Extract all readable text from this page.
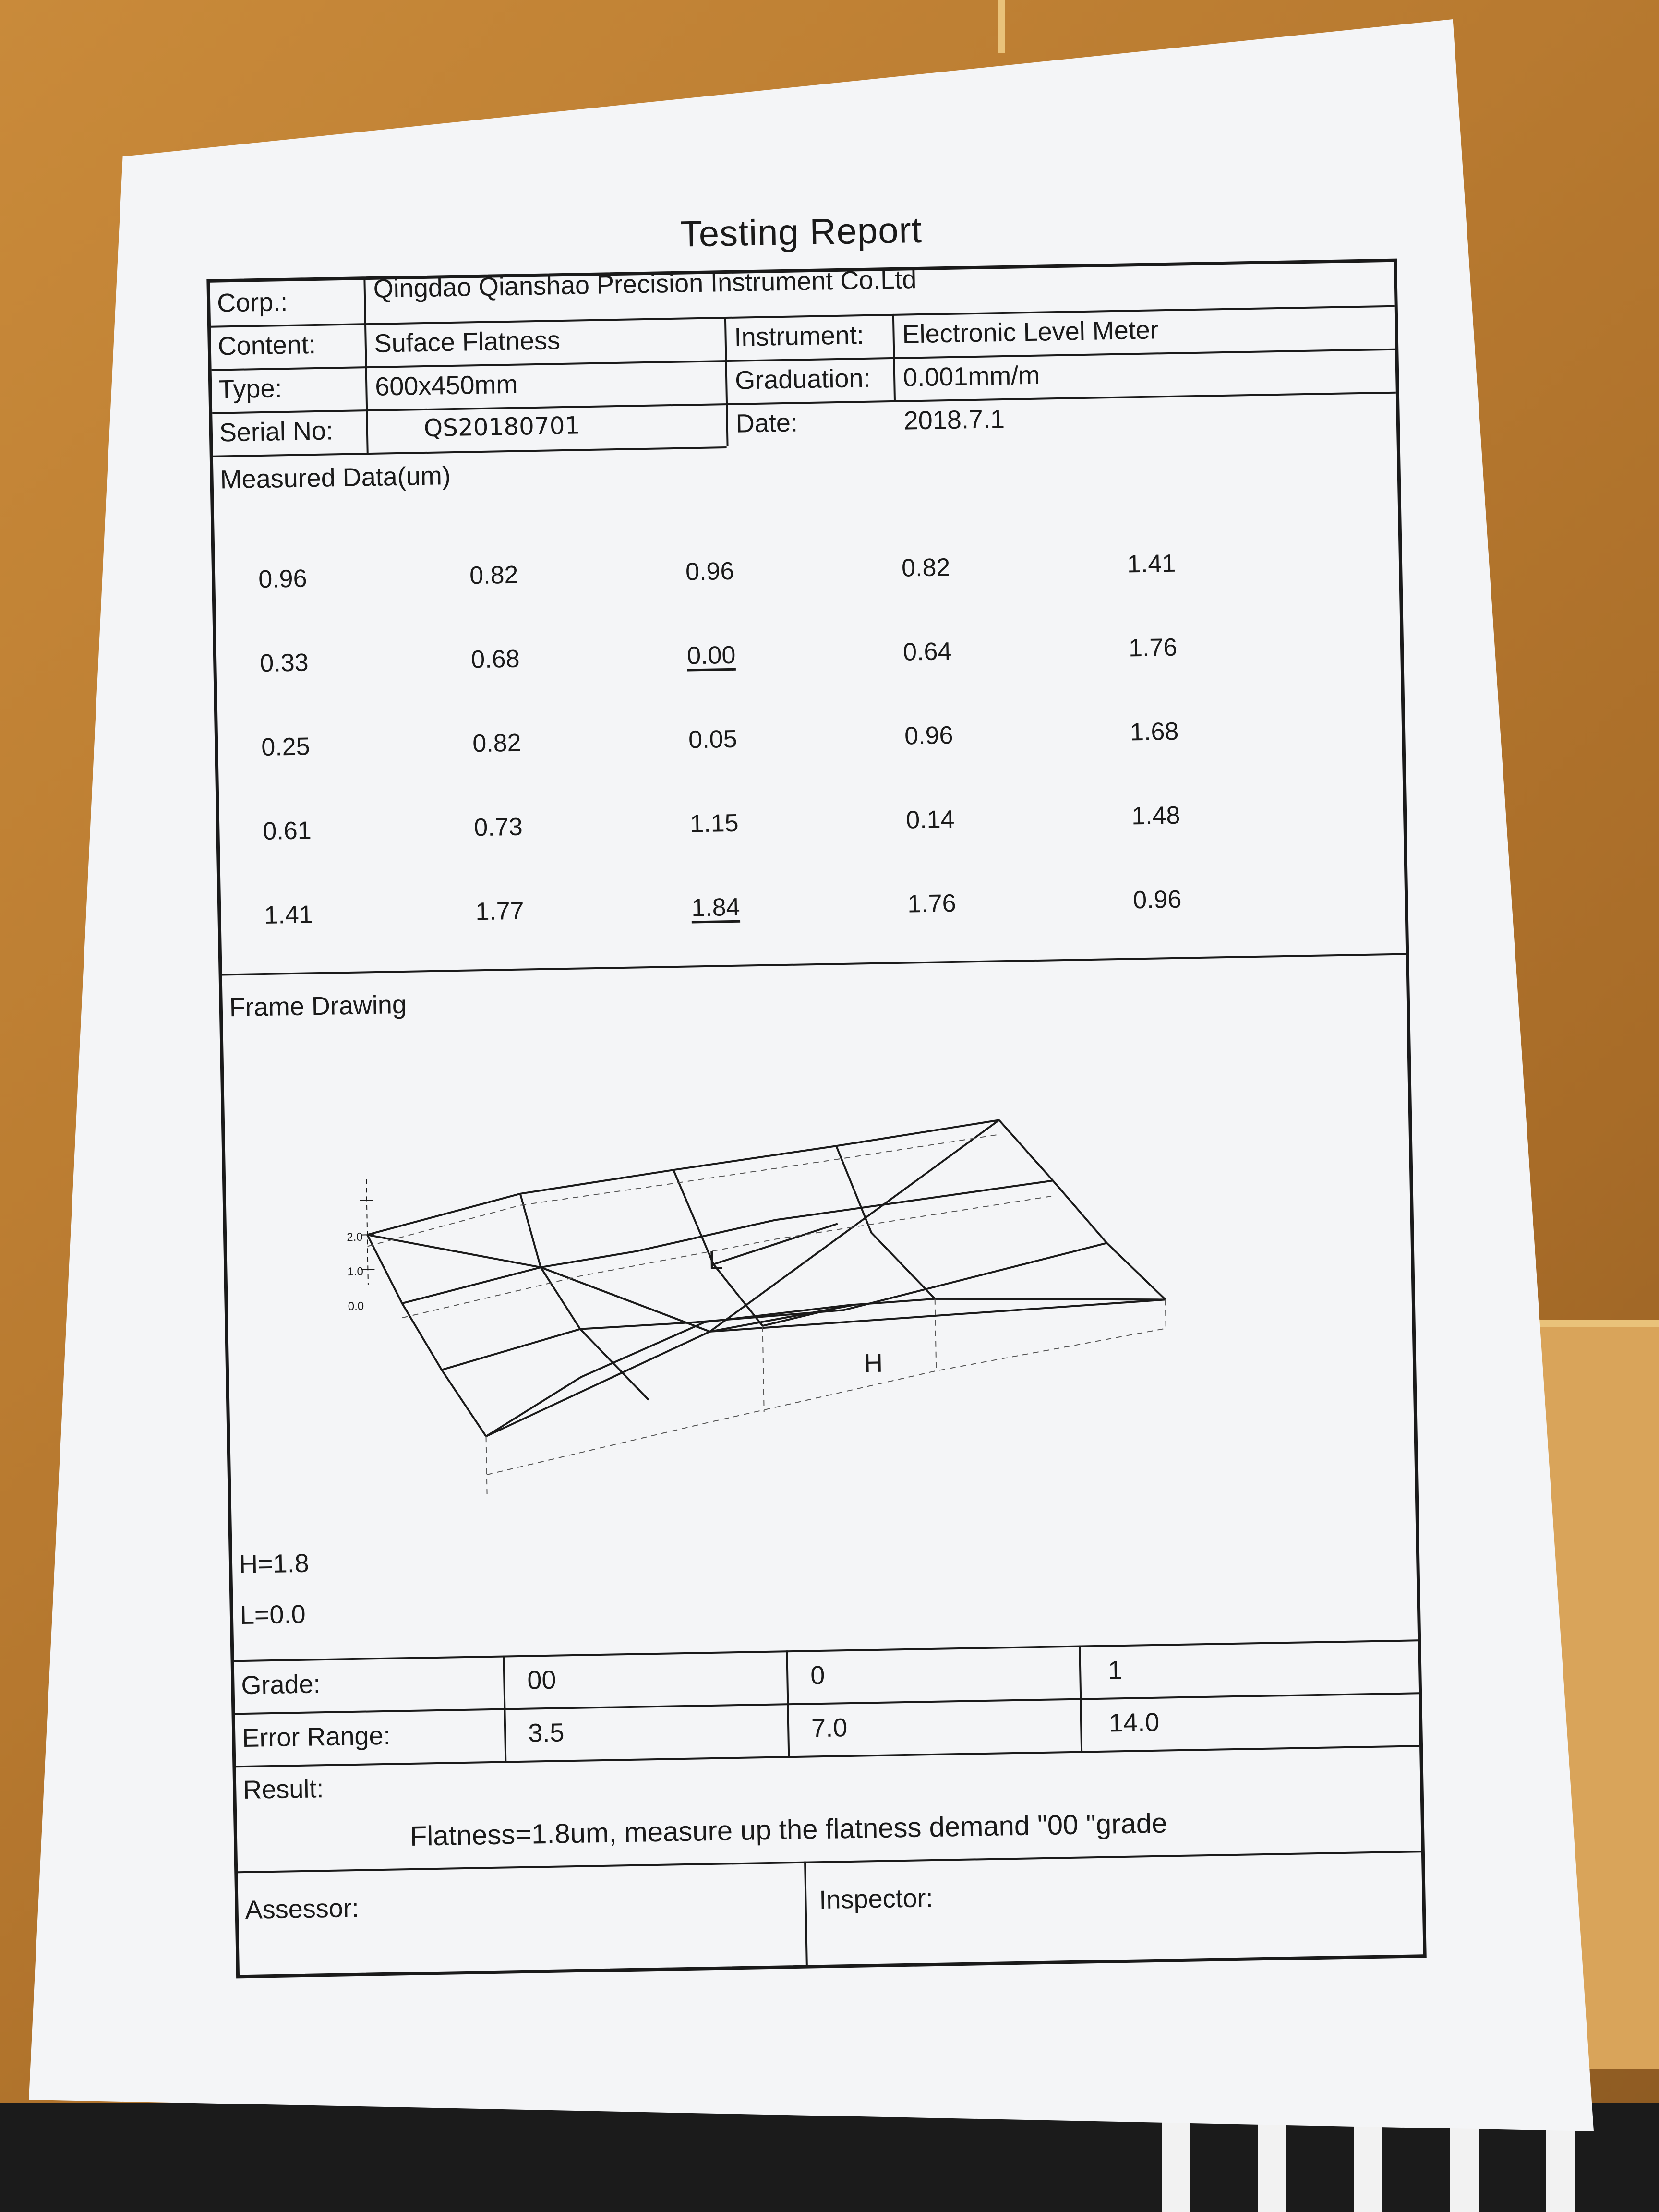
Testing Report
Corp.:	Qingdao Qianshao Precision Instrument Co.Ltd
Content: Suface Flatness	Instrument: Electronic Level Meter
Type:	600x450mm	Graduation: 0.001mm/m
Serial No:	QS20180701	Date:	2018.7.1
Measured Data(um)
0.96	0.82	0.96	0.82	1.41
0.33	0.68	0.00	0.64	1.76
0.25	0.82	0.05	0.96	1.68
0.61	0.73	1.15	0.14	1.48
1.41	1.77	1.84	1.76	0.96
Frame Drawing
2.0
1.0
0.0
H=1.8
L=0.0
Grade:	00	0	1
Error Range:	3.5	7.0	14.0
Result:
Flatness=1.8um, measure up the flatness demand "00 "grade
Assessor:	Inspector:
L
H
